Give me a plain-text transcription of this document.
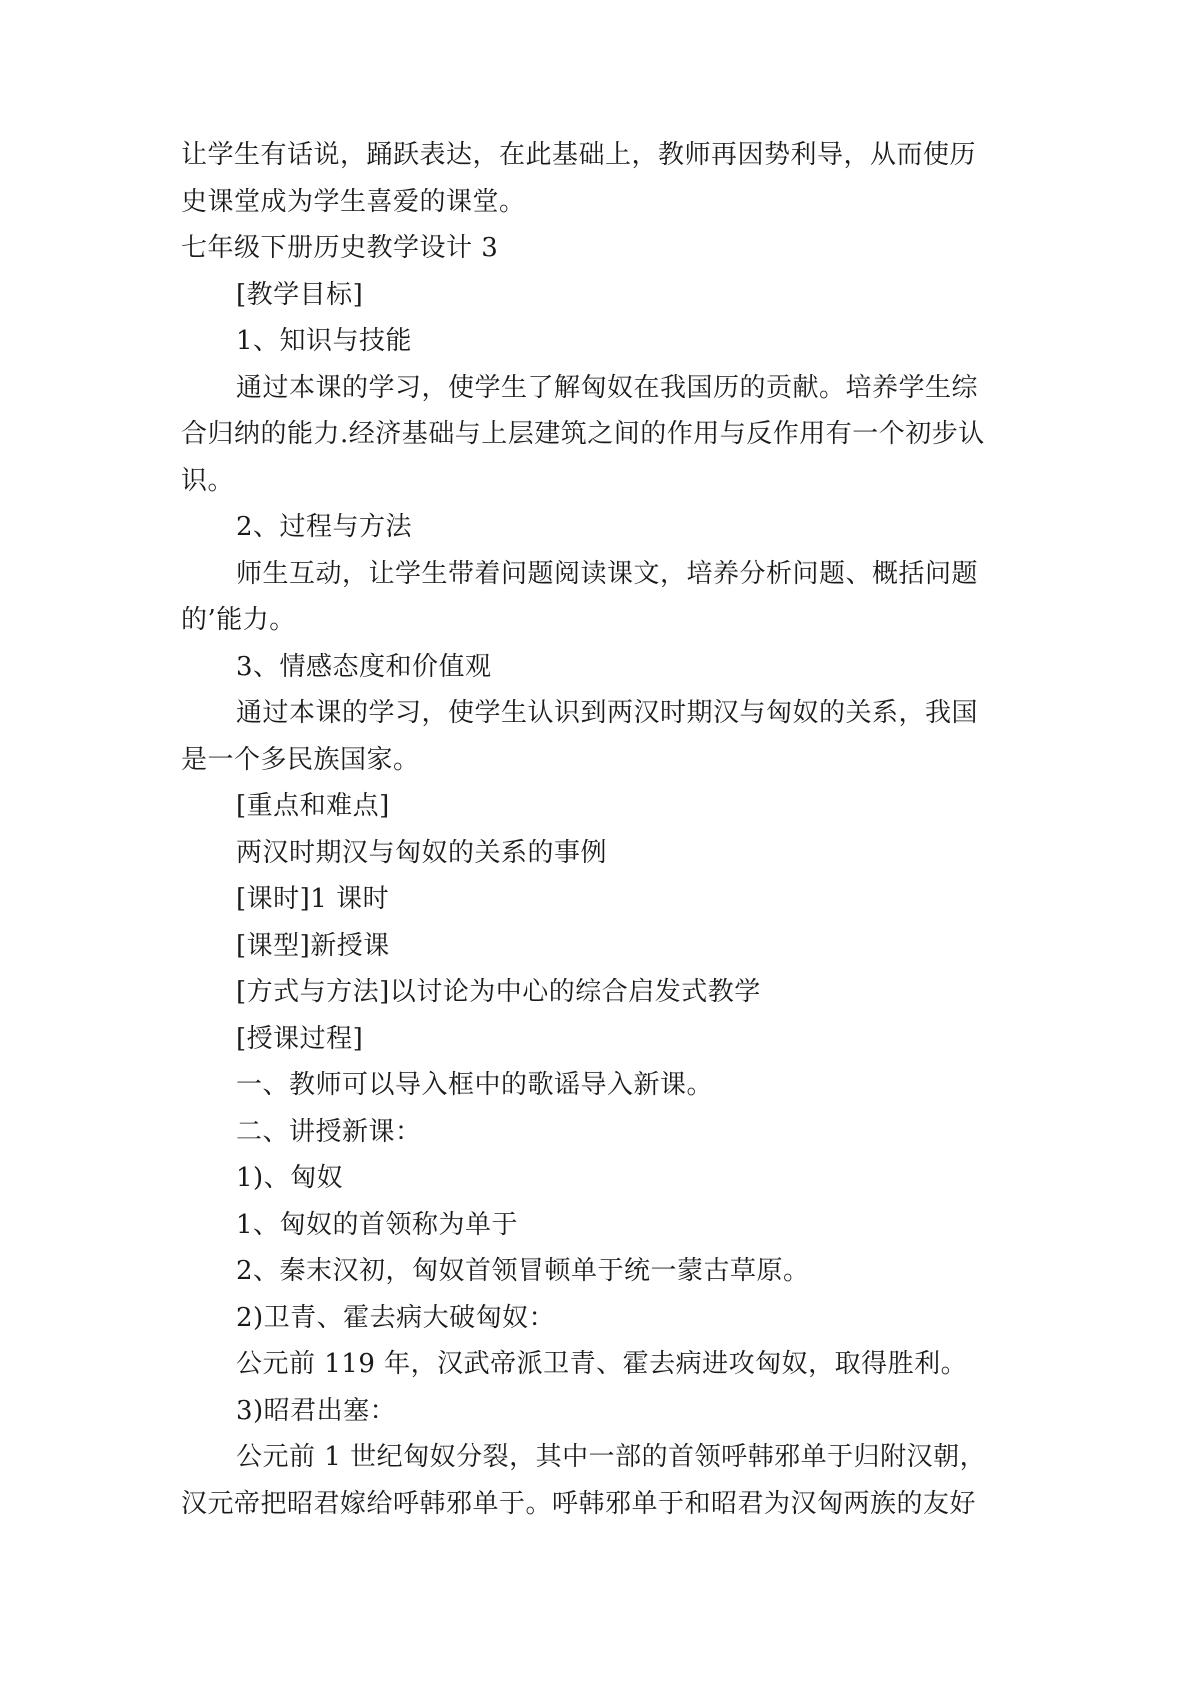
让学生有话说，踊跃表达，在此基础上，教师再因势利导，从而使历
史课堂成为学生喜爱的课堂。
七年级下册历史教学设计 3
[教学目标]
1、知识与技能
通过本课的学习，使学生了解匈奴在我国历的贡献。培养学生综
合归纳的能力.经济基础与上层建筑之间的作用与反作用有一个初步认
识。
2、过程与方法
师生互动，让学生带着问题阅读课文，培养分析问题、概括问题
的’能力。
3、情感态度和价值观
通过本课的学习，使学生认识到两汉时期汉与匈奴的关系，我国
是一个多民族国家。
[重点和难点]
两汉时期汉与匈奴的关系的事例
[课时]1 课时
[课型]新授课
[方式与方法]以讨论为中心的综合启发式教学
[授课过程]
一、教师可以导入框中的歌谣导入新课。
二、讲授新课：
1)、匈奴
1、匈奴的首领称为单于
2、秦末汉初，匈奴首领冒顿单于统一蒙古草原。
2)卫青、霍去病大破匈奴：
公元前 119 年，汉武帝派卫青、霍去病进攻匈奴，取得胜利。
3)昭君出塞：
公元前 1 世纪匈奴分裂，其中一部的首领呼韩邪单于归附汉朝，
汉元帝把昭君嫁给呼韩邪单于。呼韩邪单于和昭君为汉匈两族的友好
